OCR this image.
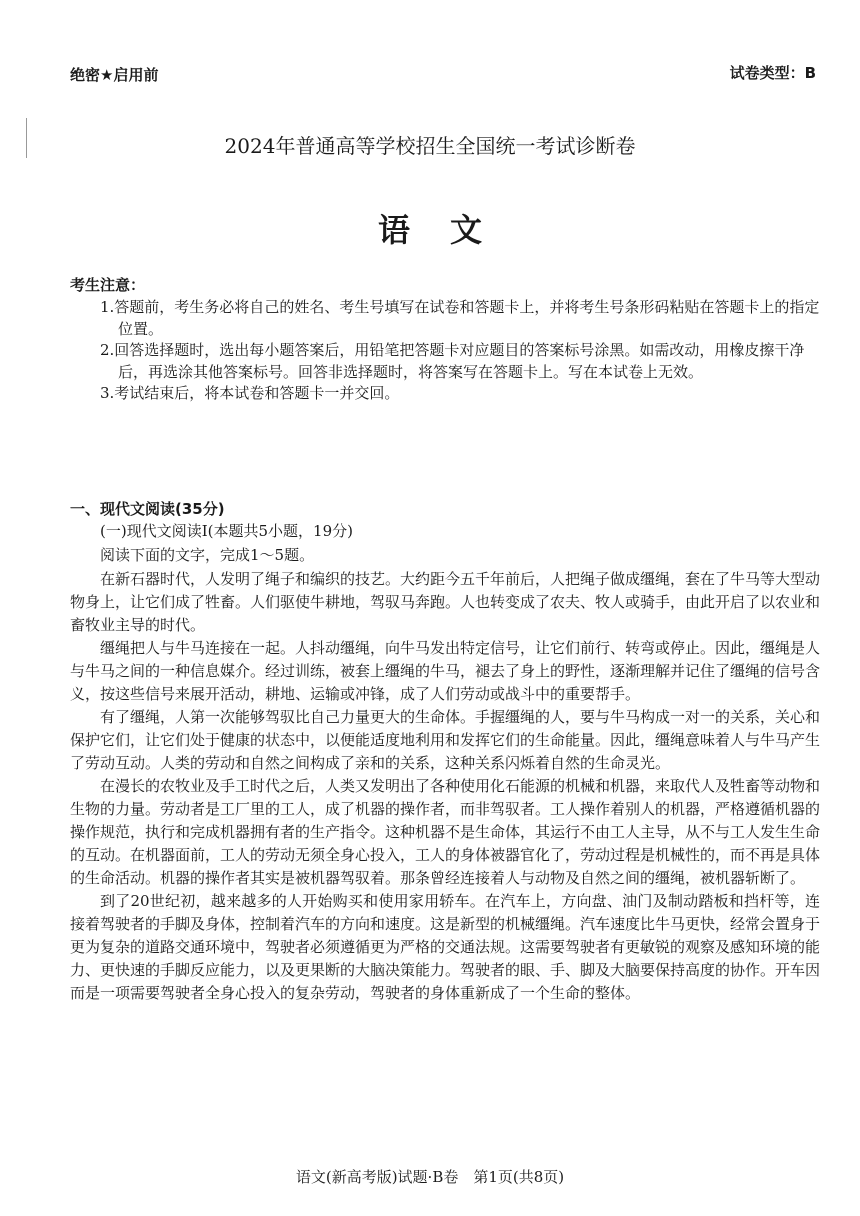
绝密★启用前	试卷类型：B
2024年普通高等学校招生全国统一考试诊断卷
语文
考生注意：

1.答题前，考生务必将自己的姓名、考生号填写在试卷和答题卡上，并将考生号条形码粘贴在答题卡上的指定位置。

2.回答选择题时，选出每小题答案后，用铅笔把答题卡对应题目的答案标号涂黑。如需改动，用橡皮擦干净后，再选涂其他答案标号。回答非选择题时，将答案写在答题卡上。写在本试卷上无效。

3.考试结束后，将本试卷和答题卡一并交回。

一、现代文阅读(35分)
(一)现代文阅读Ⅰ(本题共5小题，19分)
阅读下面的文字，完成1～5题。

在新石器时代，人发明了绳子和编织的技艺。大约距今五千年前后，人把绳子做成缰绳，套在了牛马等大型动物身上，让它们成了牲畜。人们驱使牛耕地，驾驭马奔跑。人也转变成了农夫、牧人或骑手，由此开启了以农业和畜牧业主导的时代。

缰绳把人与牛马连接在一起。人抖动缰绳，向牛马发出特定信号，让它们前行、转弯或停止。因此，缰绳是人与牛马之间的一种信息媒介。经过训练，被套上缰绳的牛马，褪去了身上的野性，逐渐理解并记住了缰绳的信号含义，按这些信号来展开活动，耕地、运输或冲锋，成了人们劳动或战斗中的重要帮手。

有了缰绳，人第一次能够驾驭比自己力量更大的生命体。手握缰绳的人，要与牛马构成一对一的关系，关心和保护它们，让它们处于健康的状态中，以便能适度地利用和发挥它们的生命能量。因此，缰绳意味着人与牛马产生了劳动互动。人类的劳动和自然之间构成了亲和的关系，这种关系闪烁着自然的生命灵光。

在漫长的农牧业及手工时代之后，人类又发明出了各种使用化石能源的机械和机器，来取代人及牲畜等动物和生物的力量。劳动者是工厂里的工人，成了机器的操作者，而非驾驭者。工人操作着别人的机器，严格遵循机器的操作规范，执行和完成机器拥有者的生产指令。这种机器不是生命体，其运行不由工人主导，从不与工人发生生命的互动。在机器面前，工人的劳动无须全身心投入，工人的身体被器官化了，劳动过程是机械性的，而不再是具体的生命活动。机器的操作者其实是被机器驾驭着。那条曾经连接着人与动物及自然之间的缰绳，被机器斩断了。

到了20世纪初，越来越多的人开始购买和使用家用轿车。在汽车上，方向盘、油门及制动踏板和挡杆等，连接着驾驶者的手脚及身体，控制着汽车的方向和速度。这是新型的机械缰绳。汽车速度比牛马更快，经常会置身于更为复杂的道路交通环境中，驾驶者必须遵循更为严格的交通法规。这需要驾驶者有更敏锐的观察及感知环境的能力、更快速的手脚反应能力，以及更果断的大脑决策能力。驾驶者的眼、手、脚及大脑要保持高度的协作。开车因而是一项需要驾驶者全身心投入的复杂劳动，驾驶者的身体重新成了一个生命的整体。

语文(新高考版)试题·B卷　第1页(共8页)
